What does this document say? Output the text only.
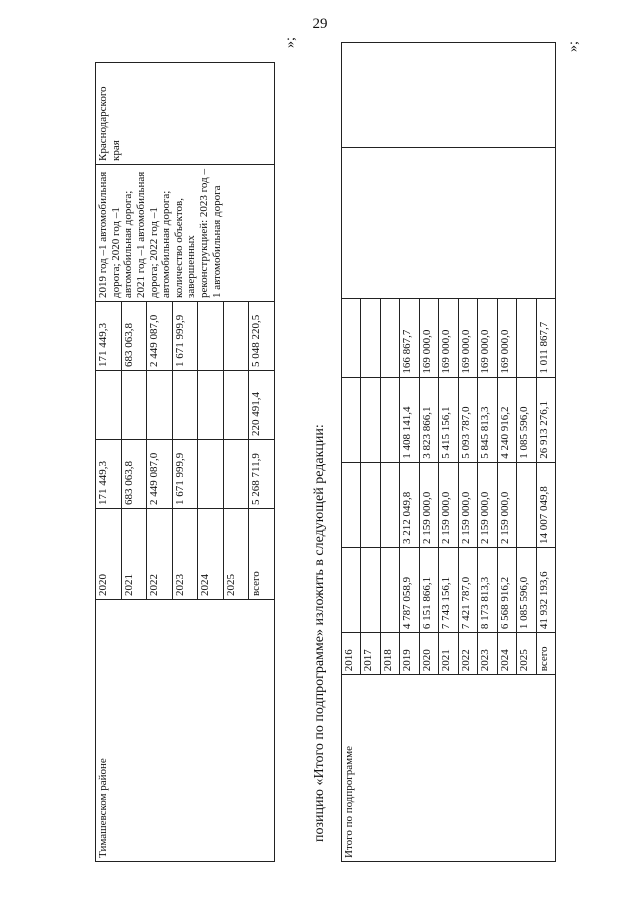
29
Тимашевском районе	2020	171 449,3		171 449,3	2019 год –1 автомобильная дорога; 2020 год –1 автомобильная дорога; 2021 год –1 автомобильная дорога; 2022 год –1 автомобильная дорога; количество объектов, завершенных реконструкцией: 2023 год – 1 автомобильная дорога	Краснодарского края
	2021	683 063,8		683 063,8		
	2022	2 449 087,0		2 449 087,0		
	2023	1 671 999,9		1 671 999,9		
	2024					
	2025					
	всего	5 268 711,9	220 491,4	5 048 220,5		
»;
позицию «Итого по подпрограмме» изложить в следующей редакции: Итого по подпрограмме	2016						
	2017						
	2018						
	2019	4 787 058,9	3 212 049,8	1 408 141,4	166 867,7		
	2020	6 151 866,1	2 159 000,0	3 823 866,1	169 000,0		
	2021	7 743 156,1	2 159 000,0	5 415 156,1	169 000,0		
	2022	7 421 787,0	2 159 000,0	5 093 787,0	169 000,0		
	2023	8 173 813,3	2 159 000,0	5 845 813,3	169 000,0		
	2024	6 568 916,2	2 159 000,0	4 240 916,2	169 000,0		
	2025	1 085 596,0		1 085 596,0			
	всего	41 932 193,6	14 007 049,8	26 913 276,1	1 011 867,7		
»;
